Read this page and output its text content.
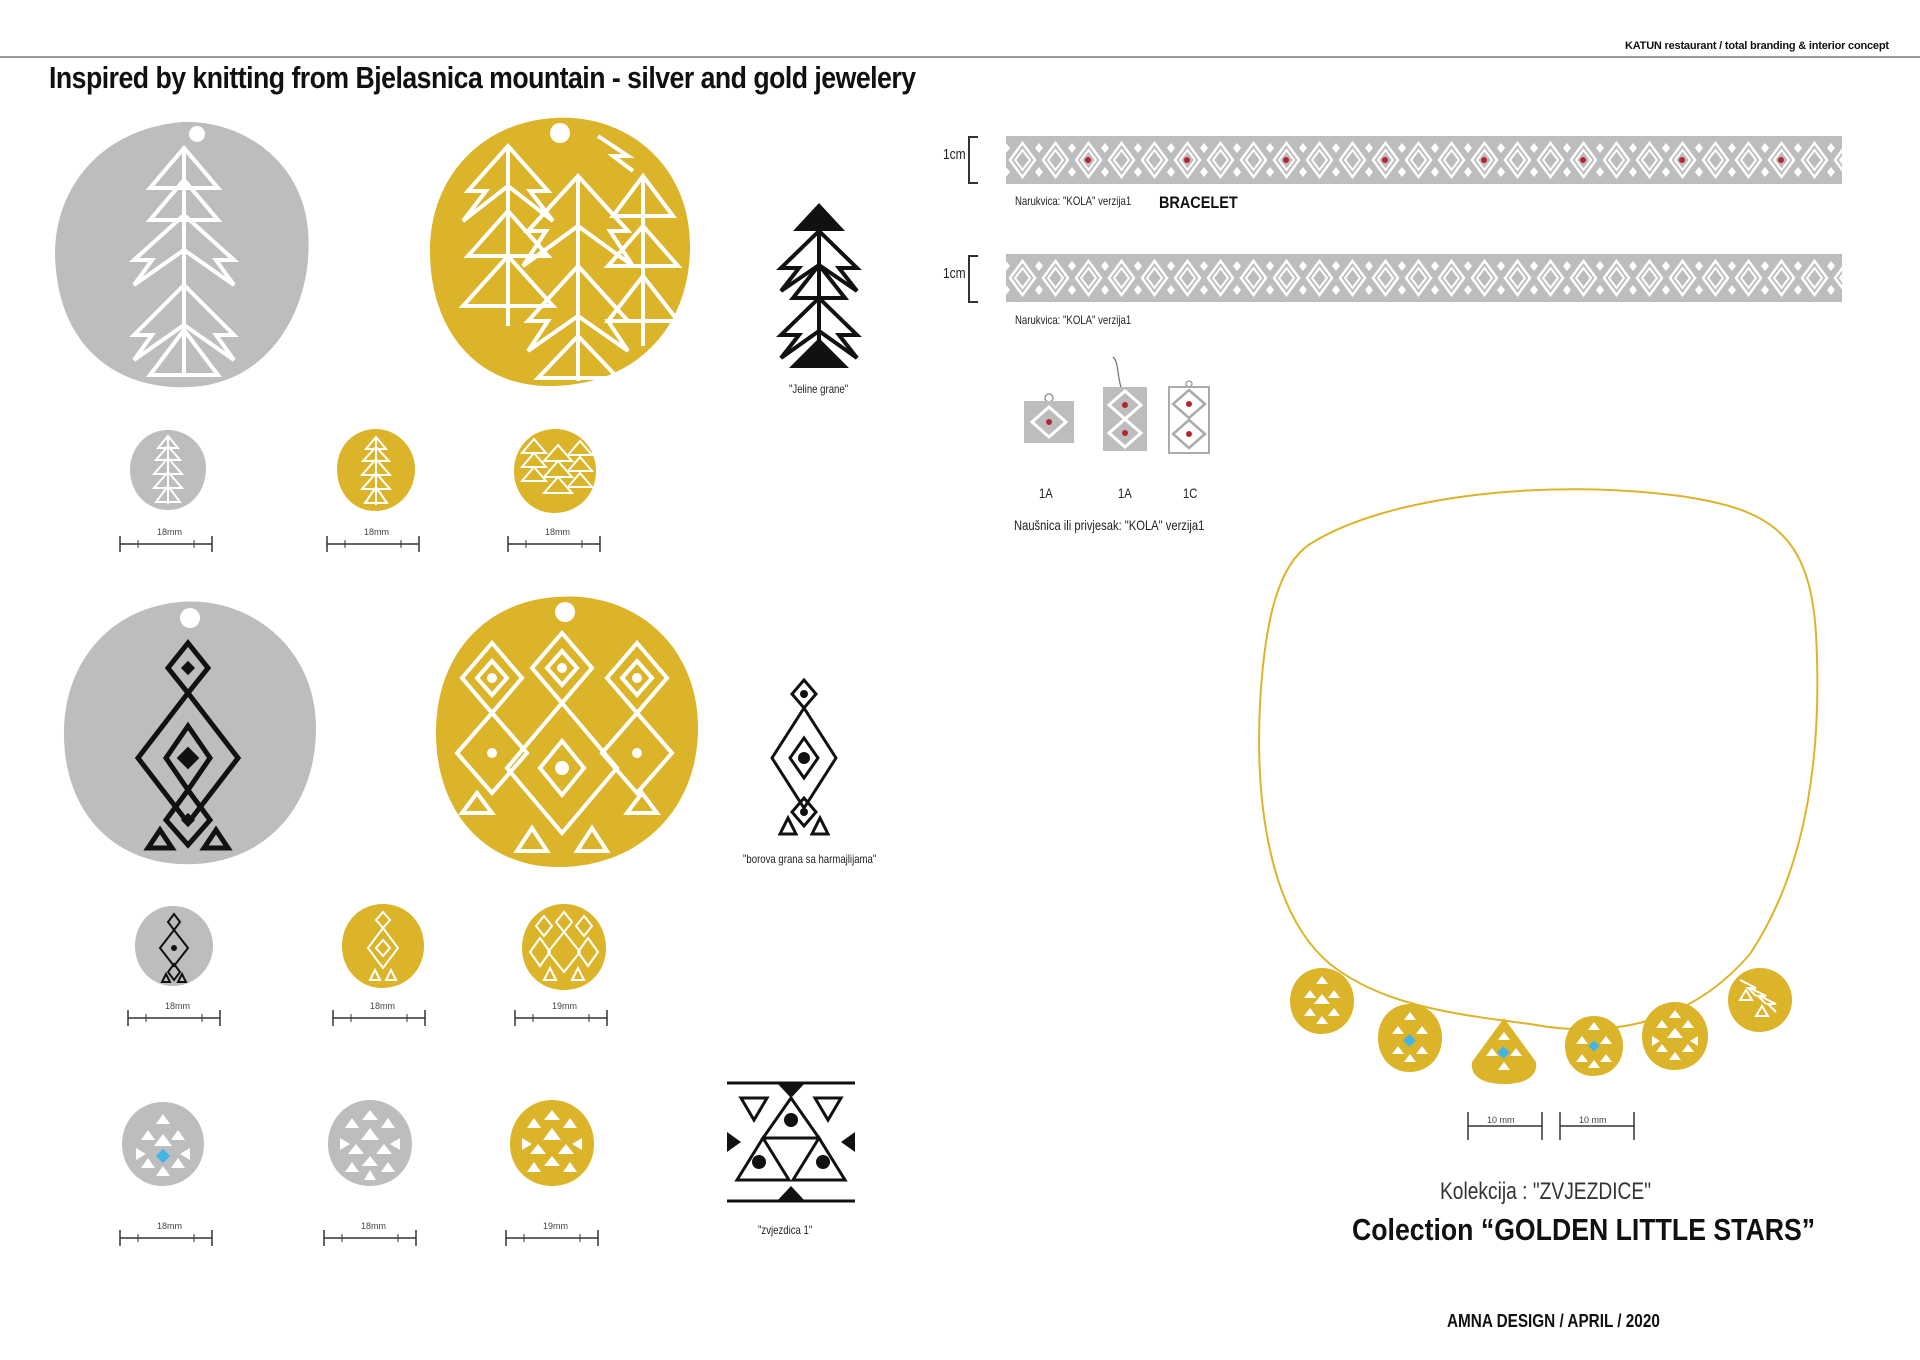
KATUN restaurant / total branding & interior concept
Inspired by knitting from Bjelasnica mountain - silver and gold jewelery
"Jeline grane"
18mm	18mm	18mm
"borova grana sa harmajlijama"
18mm	18mm	19mm
"zvjezdica 1"
18mm	18mm	19mm
1cm
Narukvica: "KOLA" verzija1 BRACELET
1cm
Narukvica: "KOLA" verzija1
1A	1A	1C
Naušnica ili privjesak: "KOLA" verzija1
10 mm	10 mm
Kolekcija : "ZVJEZDICE"
Colection “GOLDEN LITTLE STARS”
AMNA DESIGN / APRIL / 2020
